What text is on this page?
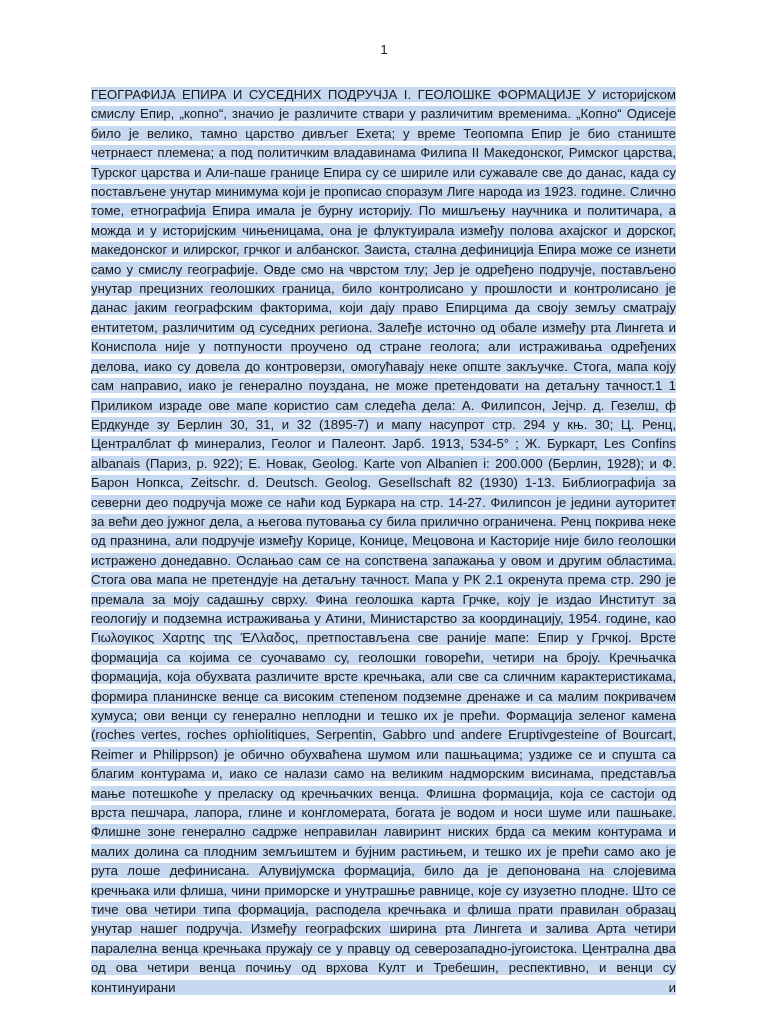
1

ГЕОГРАФИЈА ЕПИРА И СУСЕДНИХ ПОДРУЧЈА I. ГЕОЛОШКЕ ФОРМАЦИЈЕ У историјском смислу Епир, „копно“, значио је различите ствари у различитим временима. „Копно“ Одисеје било је велико, тамно царство дивљег Ехета; у време Теопомпа Епир је био станиште четрнаест племена; а под политичким владавинама Филипа II Македонског, Римског царства, Турског царства и Али-паше границе Епира су се шириле или сужавале све до данас, када су постављене унутар минимума који је прописао споразум Лиге народа из 1923. године. Слично томе, етнографија Епира имала је бурну историју. По мишљењу научника и политичара, а можда и у историјским чињеницама, она је флуктуирала између полова ахајског и дорског, македонског и илирског, грчког и албанског. Заиста, стална дефиниција Епира може се изнети само у смислу географије. Овде смо на чврстом тлу; Јер је одређено подручје, постављено унутар прецизних геолошких граница, било контролисано у прошлости и контролисано је данас јаким географским факторима, који дају право Епирцима да своју земљу сматрају ентитетом, различитим од суседних региона. Залеђе источно од обале између рта Лингета и Кониспола није у потпуности проучено од стране геолога; али истраживања одређених делова, иако су довела до контроверзи, омогућавају неке опште закључке. Стога, мапа коју сам направио, иако је генерално поуздана, не може претендовати на детаљну тачност.1 1 Приликом израде ове мапе користио сам следећа дела: А. Филипсон, Јејчр. д. Гезелш, ф Ердкунде зу Берлин 30, 31, и 32 (1895-7) и мапу насупрот стр. 294 у књ. 30; Ц. Ренц, Централблат ф минерализ, Геолог и Палеонт. Јарб. 1913, 534-5° ; Ж. Буркарт, Les Confins albanais (Париз, р. 922); Е. Новак, Geolog. Karte von Albanien i: 200.000 (Берлин, 1928); и Ф. Барон Нопкса, Zeitschr. d. Deutsch. Geolog. Gesellschaft 82 (1930) 1-13. Библиографија за северни део подручја може се наћи код Буркара на стр. 14-27. Филипсон је једини ауторитет за већи део јужног дела, а његова путовања су била прилично ограничена. Ренц покрива неке од празнина, али подручје између Корице, Конице, Мецовона и Касторије није било геолошки истражено донедавно. Ослањао сам се на сопствена запажања у овом и другим областима. Стога ова мапа не претендује на детаљну тачност. Мапа у РК 2.1 окренута према стр. 290 је премала за мoју садашњу сврху. Фина геолошка карта Грчке, коју је издао Институт за геологију и подземна истраживања у Атини, Министарство за координацију, 1954. године, као Γιωλογικος Χαρτης της ΈΛλαδος, претпостављена све раније мапе: Епир у Грчкој. Врсте формација са којима се суочавамо су, геолошки говорећи, четири на броју. Кречњачка формација, која обухвата различите врсте кречњака, али све са сличним карактеристикама, формира планинске венце са високим степеном подземне дренаже и са малим покривачем хумуса; ови венци су генерално неплодни и тешко их је прећи. Формација зеленог камена (roches vertes, roches ophiolitiques, Serpentin, Gabbro und andere Eruptivgesteine of Bourcart, Reimer и Philippson) је обично обухваћена шумом или пашњацима; уздиже се и спушта са благим контурама и, иако се налази само на великим надморским висинама, представља мање потешкоће у преласку од кречњачких венца. Флишна формација, која се састоји од врста пешчара, лапора, глине и конгломерата, богата је водом и носи шуме или пашњаке. Флишне зоне генерално садрже неправилан лавиринт ниских брда са меким контурама и малих долина са плодним земљиштем и бујним растињем, и тешко их је прећи само ако је рута лоше дефинисана. Алувијумска формација, било да је депонована на слојевима кречњака или флиша, чини приморске и унутрашње равнице, које су изузетно плодне. Што се тиче ова четири типа формација, расподела кречњака и флиша прати правилан образац унутар нашег подручја. Између географских ширина рта Лингета и залива Арта четири паралелна венца кречњака пружају се у правцу од северозападно-југоистока. Централна два од ова четири венца почињу од врхова Култ и Требешин, респективно, и венци су континуирани и
